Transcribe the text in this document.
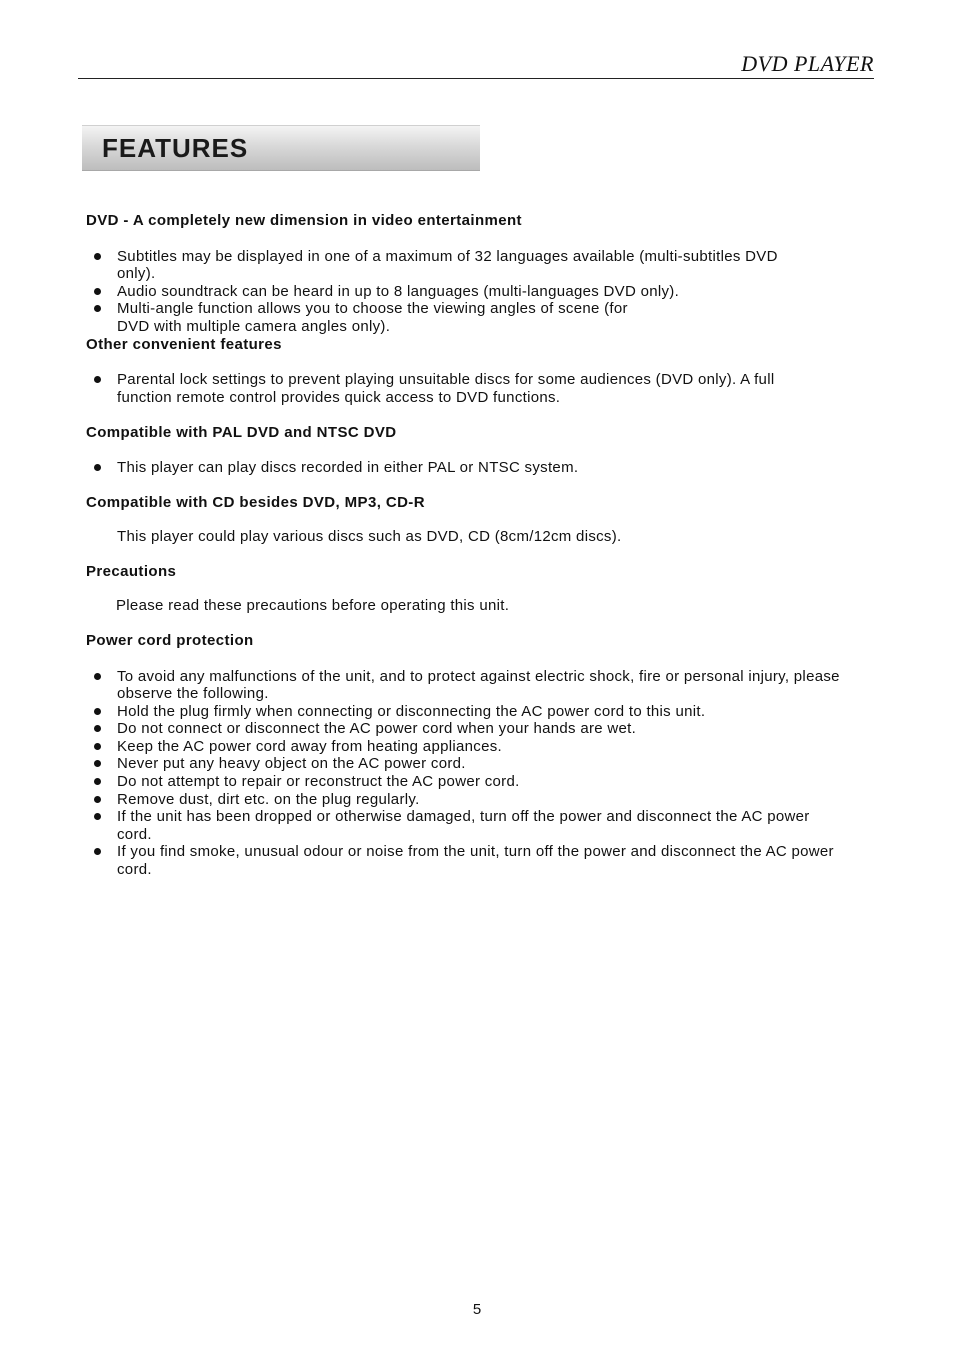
DVD PLAYER
FEATURES

DVD - A completely new dimension in video entertainment

Subtitles may be displayed in one of a maximum of 32 languages available (multi-subtitles DVD only).
Audio soundtrack can be heard in up to 8 languages (multi-languages DVD only).
Multi-angle function allows you to choose the viewing angles of scene (for DVD with multiple camera angles only).

Other convenient features

Parental lock settings to prevent playing unsuitable discs for some audiences (DVD only). A full function remote control provides quick access to DVD functions.

Compatible with PAL DVD and NTSC DVD

This player can play discs recorded in either PAL or NTSC system.

Compatible with CD besides DVD, MP3, CD-R

This player could play various discs such as DVD, CD (8cm/12cm discs).

Precautions

Please read these precautions before operating this unit.

Power cord protection

To avoid any malfunctions of the unit, and to protect against electric shock, fire or personal injury, please observe the following.
Hold the plug firmly when connecting or disconnecting the AC power cord to this unit.
Do not connect or disconnect the AC power cord when your hands are wet.
Keep the AC power cord away from heating appliances.
Never put any heavy object on the AC power cord.
Do not attempt to repair or reconstruct the AC power cord.
Remove dust, dirt etc. on the plug regularly.
If the unit has been dropped or otherwise damaged, turn off the power and disconnect the AC power cord.
If you find smoke, unusual odour or noise from the unit, turn off the power and disconnect the AC power cord.
5
